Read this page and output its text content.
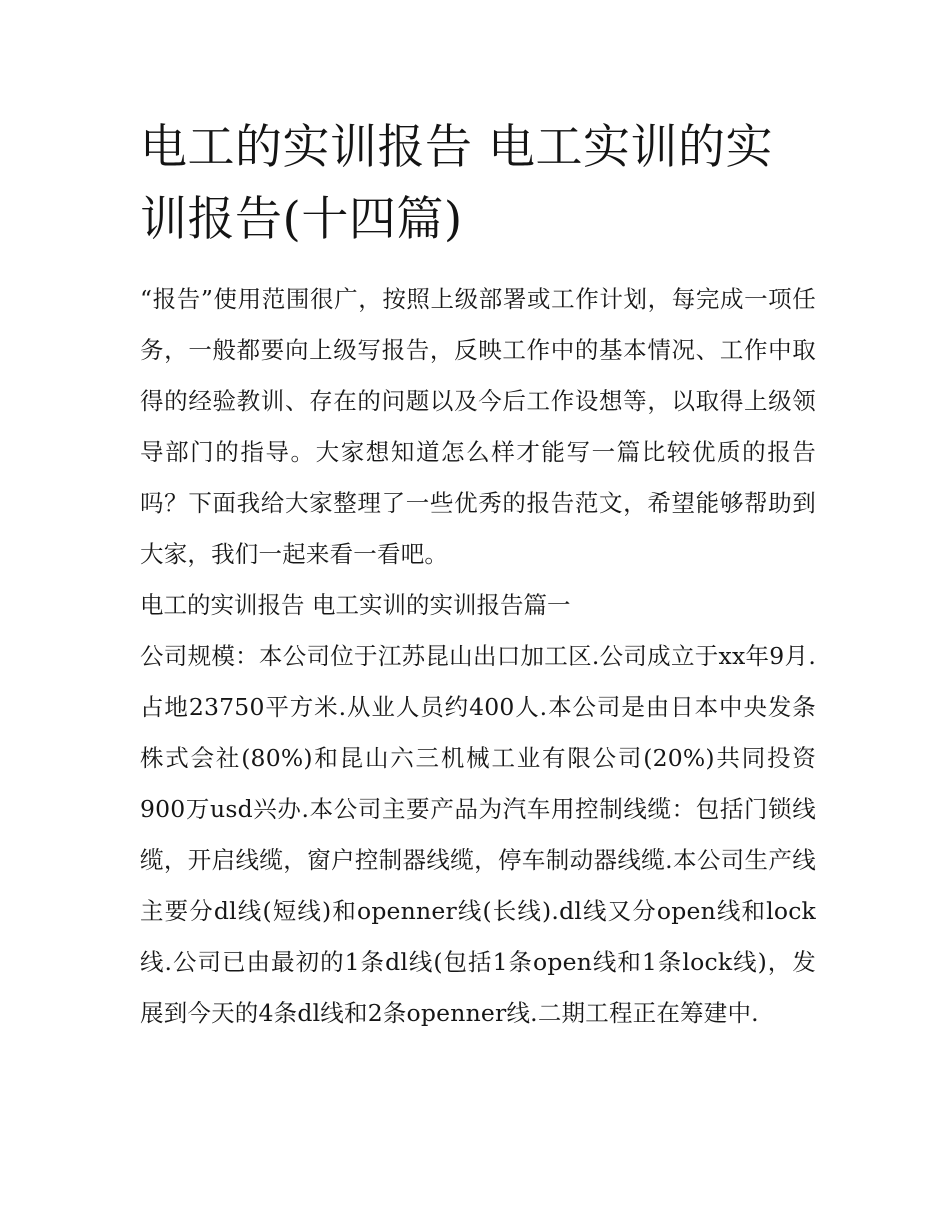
电工的实训报告 电工实训的实训报告(十四篇)

“报告”使用范围很广，按照上级部署或工作计划，每完成一项任务，一般都要向上级写报告，反映工作中的基本情况、工作中取得的经验教训、存在的问题以及今后工作设想等，以取得上级领导部门的指导。大家想知道怎么样才能写一篇比较优质的报告吗？下面我给大家整理了一些优秀的报告范文，希望能够帮助到大家，我们一起来看一看吧。

电工的实训报告 电工实训的实训报告篇一

公司规模：本公司位于江苏昆山出口加工区.公司成立于xx年9月.占地23750平方米.从业人员约400人.本公司是由日本中央发条株式会社(80%)和昆山六三机械工业有限公司(20%)共同投资900万usd兴办.本公司主要产品为汽车用控制线缆：包括门锁线缆，开启线缆，窗户控制器线缆，停车制动器线缆.本公司生产线主要分dl线(短线)和openner线(长线).dl线又分open线和lock线.公司已由最初的1条dl线(包括1条open线和1条lock线)，发展到今天的4条dl线和2条openner线.二期工程正在筹建中.
